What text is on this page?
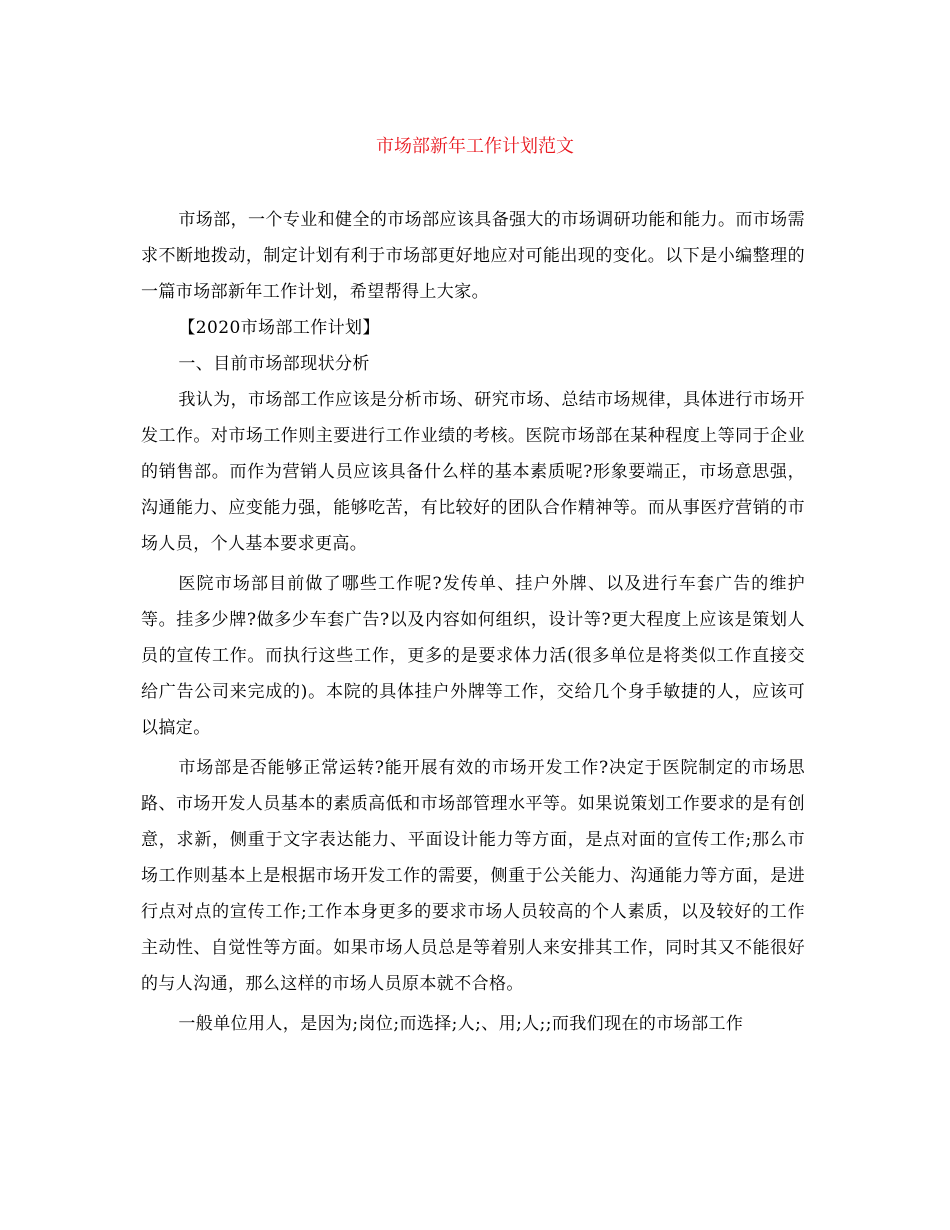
市场部新年工作计划范文

市场部，一个专业和健全的市场部应该具备强大的市场调研功能和能力。而市场需求不断地拨动，制定计划有利于市场部更好地应对可能出现的变化。以下是小编整理的一篇市场部新年工作计划，希望帮得上大家。

【2020市场部工作计划】

一、目前市场部现状分析

我认为，市场部工作应该是分析市场、研究市场、总结市场规律，具体进行市场开发工作。对市场工作则主要进行工作业绩的考核。医院市场部在某种程度上等同于企业的销售部。而作为营销人员应该具备什么样的基本素质呢?形象要端正，市场意思强，沟通能力、应变能力强，能够吃苦，有比较好的团队合作精神等。而从事医疗营销的市场人员，个人基本要求更高。

医院市场部目前做了哪些工作呢?发传单、挂户外牌、以及进行车套广告的维护等。挂多少牌?做多少车套广告?以及内容如何组织，设计等?更大程度上应该是策划人员的宣传工作。而执行这些工作，更多的是要求体力活(很多单位是将类似工作直接交给广告公司来完成的)。本院的具体挂户外牌等工作，交给几个身手敏捷的人，应该可以搞定。

市场部是否能够正常运转?能开展有效的市场开发工作?决定于医院制定的市场思路、市场开发人员基本的素质高低和市场部管理水平等。如果说策划工作要求的是有创意，求新，侧重于文字表达能力、平面设计能力等方面，是点对面的宣传工作;那么市场工作则基本上是根据市场开发工作的需要，侧重于公关能力、沟通能力等方面，是进行点对点的宣传工作;工作本身更多的要求市场人员较高的个人素质，以及较好的工作主动性、自觉性等方面。如果市场人员总是等着别人来安排其工作，同时其又不能很好的与人沟通，那么这样的市场人员原本就不合格。

一般单位用人，是因为;岗位;而选择;人;、用;人;;而我们现在的市场部工作
